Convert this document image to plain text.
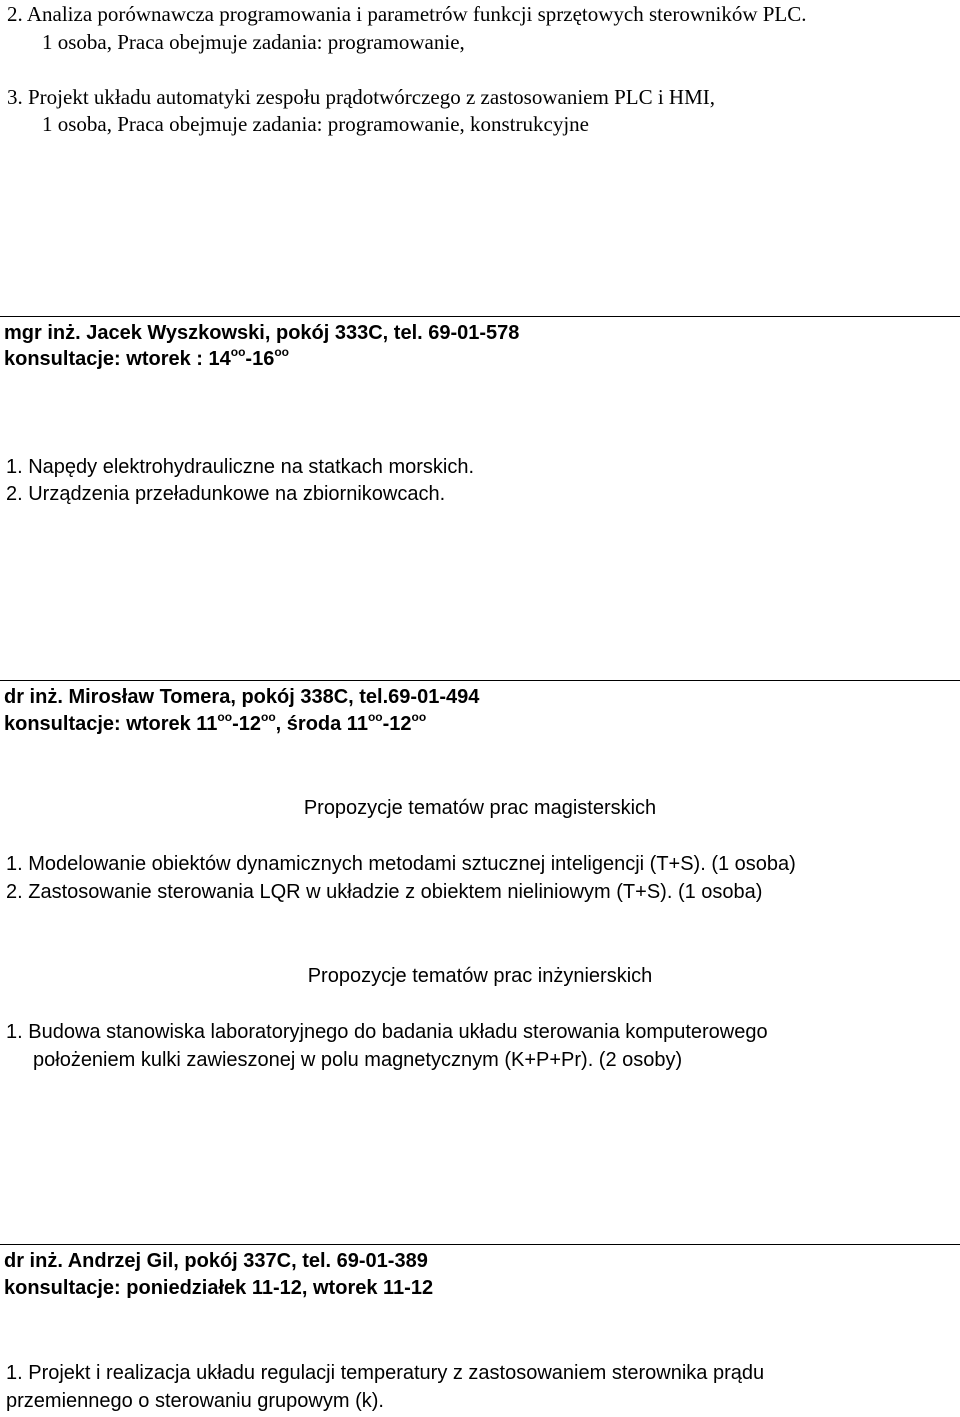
2. Analiza porównawcza programowania i parametrów funkcji sprzętowych sterowników PLC.
1 osoba, Praca obejmuje zadania: programowanie,
3. Projekt układu automatyki zespołu prądotwórczego z zastosowaniem PLC i HMI,
1 osoba, Praca obejmuje zadania: programowanie, konstrukcyjne
mgr inż. Jacek Wyszkowski, pokój 333C, tel. 69-01-578
konsultacje: wtorek : $14^{oo}-16^{oo}$
1. Napędy elektrohydrauliczne na statkach morskich.
2. Urządzenia przeładunkowe na zbiornikowcach.
dr inż. Mirosław Tomera, pokój 338C, tel.69-01-494
konsultacje: wtorek $11^{oo}-12^{oo}$, środa $11^{oo}-12^{oo}$
Propozycje tematów prac magisterskich
1. Modelowanie obiektów dynamicznych metodami sztucznej inteligencji (T+S). (1 osoba)
2. Zastosowanie sterowania LQR w układzie z obiektem nieliniowym (T+S). (1 osoba)
Propozycje tematów prac inżynierskich
1. Budowa stanowiska laboratoryjnego do badania układu sterowania komputerowego
położeniem kulki zawieszonej w polu magnetycznym (K+P+Pr). (2 osoby)
dr inż. Andrzej Gil, pokój 337C, tel. 69-01-389
konsultacje: poniedziałek 11-12, wtorek 11-12
1. Projekt i realizacja układu regulacji temperatury z zastosowaniem sterownika prądu
przemiennego o sterowaniu grupowym (k).
